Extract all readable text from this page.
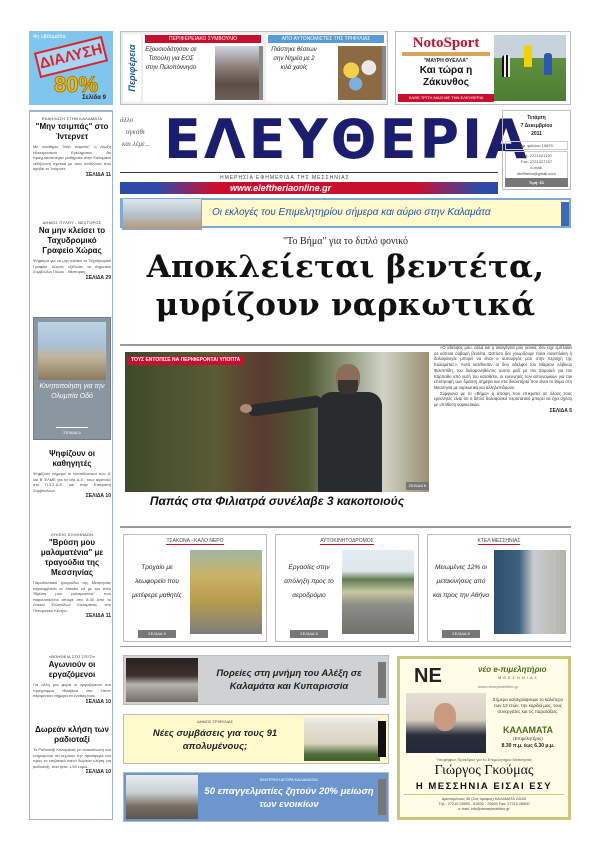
4η εβδομάδα
ΔΙΑΛΥΣΗ
80%
Σελίδα 9
Περιφέρεια
ΠΕΡΙΦΕΡΕΙΑΚΟ ΣΥΜΒΟΥΛΙΟ
Εξουσιοδότησαν σε Τατούλη για ΕΟΣ στην Πελοπόννησο
ΑΠΟ ΑΥΤΟΝΟΜΙΣΤΕΣ ΤΗΣ ΤΡΙΦΥΛΙΑΣ
Πιάστηκε θέσεων σην Νημέα με 2 κιλά χασίς
NotoSport
"ΜΑΥΡΗ ΘΥΕΛΛΑ"
Και τώρα η Ζάκυνθος
ΚΑΘΕ ΤΡΙΤΗ ΜΑΖΙ ΜΕ ΤΗΝ ΕΛΕΥΘΕΡΙΑ
άλλο
αγκάθι
και λέμε... ΕΛΕΥΘΕΡΙΑ
ΗΜΕΡΗΣΙΑ ΕΦΗΜΕΡΙΔΑ ΤΗΣ ΜΕΣΣΗΝΙΑΣ
www.eleftheriaonline.gr
Τετάρτη
7 Δεκεμβρίου
2011
Αρ. φύλλου 10879
Τηλ. 2721021120
Fax: 2721027707
e-mail:
eleftheria@gmail.com
Τιμή: €1
ΕΚΔΗΛΩΣΗ ΣΤΗΝ ΚΑΛΑΜΑΤΑ
"Μην τσιμπάς" στο Ίντερνετ
Με σύνθημα "Μην τσιμπάς" η Δίωξη Ηλεκτρονικού Εγκλήματος θα πραγματοποιήσει μαθήματα στην Καλαμάτα εκδήλωση σχετικά με τους κινδύνους που κρύβει το Ίντερνετ.
ΣΕΛΙΔΑ 11
ΔΗΜΟΣ ΠΥΛΟΥ - ΝΕΣΤΟΡΟΣ
Να μην κλείσει το Ταχυδρομικό Γραφείο Χώρας
Ψήφισμα για να μην κλείσει το Ταχυδρομικό Γραφείο Χώρας εξέδωσε το Δημοτικό Συμβούλιο Πύλου - Νέστορος.
ΣΕΛΙΔΑ 29
Κινητοποίηση για την Ολυμπία Οδό
ΣΕΛΙΔΑ 5
Ψηφίζουν οι καθηγητές
Ψηφίζουν σήμερα οι εκπαιδευτικοί των Α' και Β' ΕΛΜΕ για τα νέα Δ.Σ., τους αιρετούς στο Π.Υ.Σ.Δ.Ε. και στην Επιτροπή Συμβουλίων.
ΣΕΛΙΔΑ 10
ΛΥΚΕΙΟ ΕΛΛΗΝΙΔΩΝ
"Βρύση μου μαλαματένια" με τραγούδια της Μεσσηνίας
Παραδοσιακό τραγούδια της Μεσσηνίας περιλαμβάνει το δισκάκι cd με τον τίτλο "Βρύση μου μαλαματένια" που παρουσιάζεται απόψε στις 8.30 από το Λύκειο Ελληνίδων Καλαμάτας, στο Πνευματικό Κέντρο.
ΣΕΛΙΔΑ 11
«ΒΟΗΘΕΙΑ ΣΤΟ ΣΠΙΤΙ»
Αγωνιούν οι εργαζόμενοι
Για άλλη μια φορά οι εργαζόμενοι στο πρόγραμμα «Βοήθεια στο Σπίτι» περιμένουν σήμερα τα ενοίκια τους.
ΣΕΛΙΔΑ 10
Δωρεάν κλήση των ραδιοταξί
Το Ραδιοταξί Καλαμάτας με ανακοίνωσή του ενημερώνει ότι ισχύουν την προσφορά του προς το επιβατικό κοινό δωρεάν κλήση για ραδιοταξί, που ήταν 1,50 ευρώ.
ΣΕΛΙΔΑ 10
Οι εκλογές του Επιμελητηρίου σήμερα και αύριο στην Καλαμάτα
"Το Βήμα" για το διπλό φονικό
Αποκλείεται βεντέτα,
μυρίζουν ναρκωτικά
ΤΟΥΣ ΕΝΤΟΠΙΣΕ ΝΑ ΠΕΡΙΦΕΡΟΝΤΑΙ ΥΠΟΠΤΑ
ΣΕΛΙΔΑ 9
Παπάς στα Φιλιατρά συνέλαβε 3 κακοποιούς

«Ο αδελφός μου, αλλά και η οικογένειά μου γενικά, δεν είχε εμπλακεί σε κάποια σοβαρή βεντέτα. Ωστόσο δεν γνωρίζουμε ποιοι συνεπλάκη ή δολοφόνησε μπορεί να είναι ο αυτουργός μου στην περιοχή της Καλαμάτας». Αυτά κατέθεσαν οι δύο αδελφοί του Μάρκου Αλβίνου Φιλιππίδη, του δολοφονηθέντος αυτού μαζί με τον Σαμούελ για τον Κάρπαθο από αυτή του καταθέτει, οι ερευνητές των αστυνομικών για την επιστροφή των δράστη σήμερα και στα δικαστήρια που είναι το θύμα στη Μεσσηνία με ναρκωτικά και αλληλεπιδρούν.

Σύμφωνα με το «Βήμα» η άποψη που επικρατεί σε όλους τους ερευνητές είναι ότι ο διπλό δολοφονικό περιστατικό μπορεί να έχει σχέση με υπόθεση ναρκωτικών.

ΣΕΛΙΔΑ 5
ΤΣΑΚΩΝΑ - ΚΑΛΟ ΝΕΡΟ
Τροχαίο με λεωφορείο που μετέφερε μαθητές
ΣΕΛΙΔΑ 9
ΑΥΤΟΚΙΝΗΤΟΔΡΟΜΟΣ
Εργασίες στην απόληξη προς το αεροδρόμιο
ΣΕΛΙΔΑ 5
ΚΤΕΛ ΜΕΣΣΗΝΙΑΣ
Μειωμένες 12% οι μετακινήσεις από και προς την Αθήνα
ΣΕΛΙΔΑ 8
Πορείες στη μνήμη του Αλέξη σε Καλαμάτα και Κυπαρισσία
ΔΗΜΟΣ ΤΡΙΦΥΛΙΑΣ
Νέες συμβάσεις για τους 91 απολυμένους;
ΚΕΝΤΡΙΚΗ ΑΓΟΡΑ ΚΑΛΑΜΑΤΑΣ
50 επαγγελματίες ζητούν 20% μείωση των ενοικίων
ΝΕ	νέο e-πιμελητήριο
ΜΕΣΣΗΝΙΑΣ
www.neoepimelitirio.gr
Σήμερα καταγράφουμε το καλύτερο των 13 ετών, την καρδιά μας, τους συνεργάτες και τις παρατάξεις.
ΚΑΛΑΜΑΤΑ
(Επιμελητήριο)
8.30 π.μ. έως 6.30 μ.μ.
Υποψήφιος Πρόεδρος για το Επιμελητήριο Μεσσηνίας
Γιώργος Γκούμας
Η ΜΕΣΣΗΝΙΑ ΕΙΣΑΙ ΕΣΥ
Αριστομένους 36 (2ος όροφος) ΚΑΛΑΜΑΤΑ 24100
Τηλ.: 27210 28900 - 62832 - 29593 Fax: 27210 28900
e-mail: info@neoepimelitirio.gr
